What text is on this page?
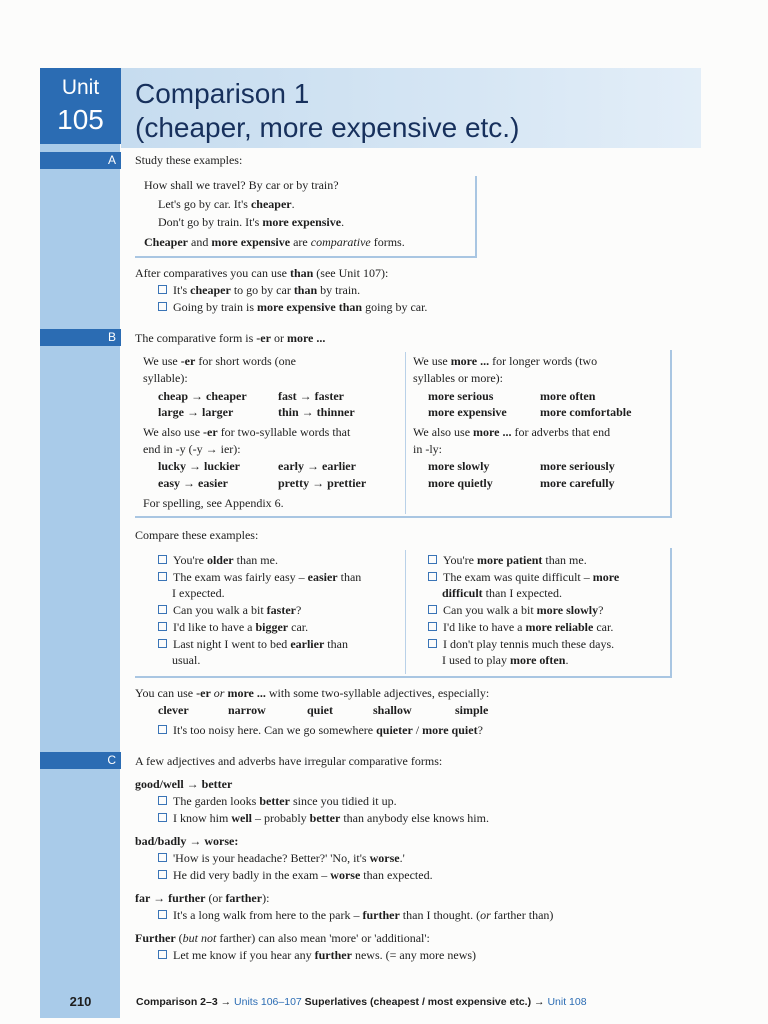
Unit
105
Comparison 1
(cheaper, more expensive etc.)
A	Study these examples:
How shall we travel? By car or by train?
Let's go by car. It's cheaper.
Don't go by train. It's more expensive.
Cheaper and more expensive are comparative forms.
After comparatives you can use than (see Unit 107):
It's cheaper to go by car than by train.
Going by train is more expensive than going by car.
B	The comparative form is -er or more ...
We use -er for short words (one
syllable):
cheap → cheaper	fast → faster
large → larger	thin → thinner
We also use -er for two-syllable words that
end in -y (-y → ier):
lucky → luckier	early → earlier
easy → easier	pretty → prettier
For spelling, see Appendix 6.
We use more ... for longer words (two
syllables or more):
more serious	more often
more expensive	more comfortable
We also use more ... for adverbs that end
in -ly:
more slowly	more seriously
more quietly	more carefully
Compare these examples:
You're older than me.
The exam was fairly easy – easier than
I expected.
Can you walk a bit faster?
I'd like to have a bigger car.
Last night I went to bed earlier than
usual.
You're more patient than me.
The exam was quite difficult – more
difficult than I expected.
Can you walk a bit more slowly?
I'd like to have a more reliable car.
I don't play tennis much these days.
I used to play more often.
You can use -er or more ... with some two-syllable adjectives, especially:
clever	narrow	quiet	shallow	simple
It's too noisy here. Can we go somewhere quieter / more quiet?
C	A few adjectives and adverbs have irregular comparative forms:
good/well → better
The garden looks better since you tidied it up.
I know him well – probably better than anybody else knows him.
bad/badly → worse:
'How is your headache? Better?' 'No, it's worse.'
He did very badly in the exam – worse than expected.
far → further (or farther):
It's a long walk from here to the park – further than I thought. (or farther than)
Further (but not farther) can also mean 'more' or 'additional':
Let me know if you hear any further news. (= any more news)
210	Comparison 2–3 → Units 106–107 Superlatives (cheapest / most expensive etc.) → Unit 108
